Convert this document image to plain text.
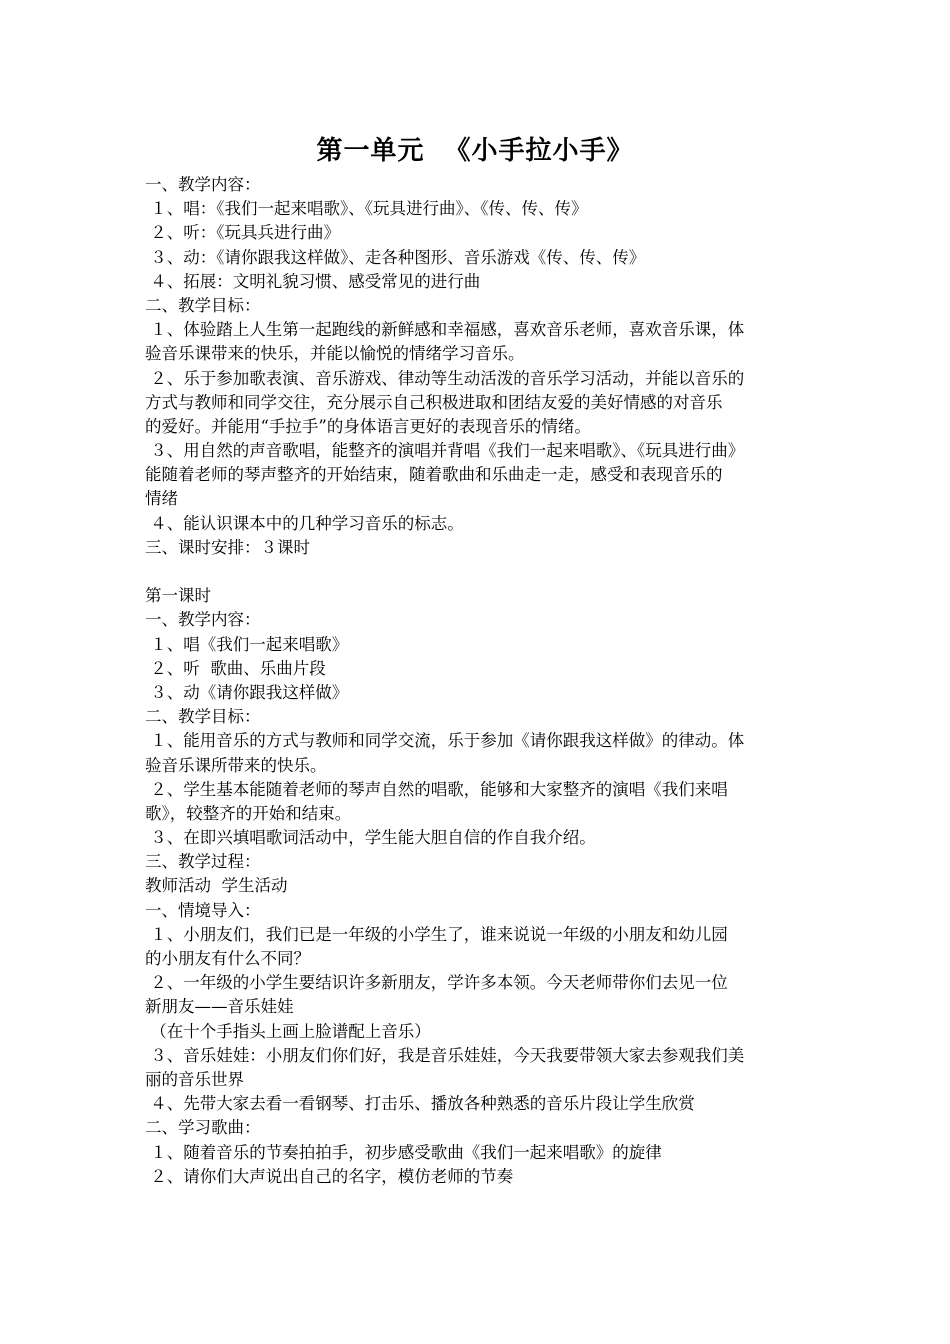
第一单元  《小手拉小手》
一、教学内容：
１、唱：《我们一起来唱歌》、《玩具进行曲》、《传、传、传》
２、听：《玩具兵进行曲》
３、动：《请你跟我这样做》、走各种图形、音乐游戏《传、传、传》
４、拓展：文明礼貌习惯、感受常见的进行曲
二、教学目标：
１、体验踏上人生第一起跑线的新鲜感和幸福感，喜欢音乐老师，喜欢音乐课，体
验音乐课带来的快乐，并能以愉悦的情绪学习音乐。
２、乐于参加歌表演、音乐游戏、律动等生动活泼的音乐学习活动，并能以音乐的
方式与教师和同学交往，充分展示自己积极进取和团结友爱的美好情感的对音乐
的爱好。并能用“手拉手”的身体语言更好的表现音乐的情绪。
３、用自然的声音歌唱，能整齐的演唱并背唱《我们一起来唱歌》、《玩具进行曲》
能随着老师的琴声整齐的开始结束，随着歌曲和乐曲走一走，感受和表现音乐的
情绪
４、能认识课本中的几种学习音乐的标志。
三、课时安排：３课时
第一课时
一、教学内容：
１、唱《我们一起来唱歌》
２、听  歌曲、乐曲片段
３、动《请你跟我这样做》
二、教学目标：
１、能用音乐的方式与教师和同学交流，乐于参加《请你跟我这样做》的律动。体
验音乐课所带来的快乐。
２、学生基本能随着老师的琴声自然的唱歌，能够和大家整齐的演唱《我们来唱
歌》，较整齐的开始和结束。
３、在即兴填唱歌词活动中，学生能大胆自信的作自我介绍。
三、教学过程：
教师活动  学生活动
一、情境导入：
１、小朋友们，我们已是一年级的小学生了，谁来说说一年级的小朋友和幼儿园
的小朋友有什么不同？
２、一年级的小学生要结识许多新朋友，学许多本领。今天老师带你们去见一位
新朋友——音乐娃娃
（在十个手指头上画上脸谱配上音乐）
３、音乐娃娃：小朋友们你们好，我是音乐娃娃，今天我要带领大家去参观我们美
丽的音乐世界
４、先带大家去看一看钢琴、打击乐、播放各种熟悉的音乐片段让学生欣赏
二、学习歌曲：
１、随着音乐的节奏拍拍手，初步感受歌曲《我们一起来唱歌》的旋律
２、请你们大声说出自己的名字，模仿老师的节奏
